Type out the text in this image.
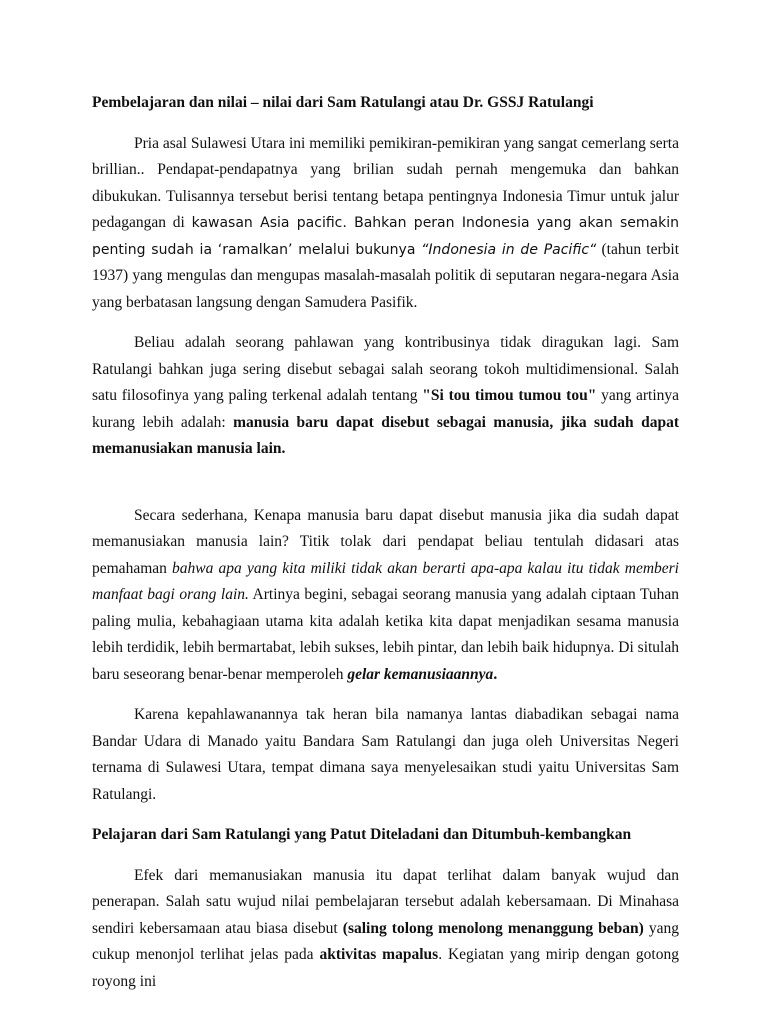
Pembelajaran dan nilai – nilai dari Sam Ratulangi atau Dr. GSSJ Ratulangi

Pria asal Sulawesi Utara ini memiliki pemikiran-pemikiran yang sangat cemerlang serta brillian.. Pendapat-pendapatnya yang brilian sudah pernah mengemuka dan bahkan dibukukan. Tulisannya tersebut berisi tentang betapa pentingnya Indonesia Timur untuk jalur pedagangan di kawasan Asia pacific. Bahkan peran Indonesia yang akan semakin penting sudah ia ‘ramalkan’ melalui bukunya “Indonesia in de Pacific“ (tahun terbit 1937) yang mengulas dan mengupas masalah-masalah politik di seputaran negara-negara Asia yang berbatasan langsung dengan Samudera Pasifik.

Beliau adalah seorang pahlawan yang kontribusinya tidak diragukan lagi. Sam Ratulangi bahkan juga sering disebut sebagai salah seorang tokoh multidimensional. Salah satu filosofinya yang paling terkenal adalah tentang "Si tou timou tumou tou" yang artinya kurang lebih adalah: manusia baru dapat disebut sebagai manusia, jika sudah dapat memanusiakan manusia lain.

Secara sederhana, Kenapa manusia baru dapat disebut manusia jika dia sudah dapat memanusiakan manusia lain? Titik tolak dari pendapat beliau tentulah didasari atas pemahaman bahwa apa yang kita miliki tidak akan berarti apa-apa kalau itu tidak memberi manfaat bagi orang lain. Artinya begini, sebagai seorang manusia yang adalah ciptaan Tuhan paling mulia, kebahagiaan utama kita adalah ketika kita dapat menjadikan sesama manusia lebih terdidik, lebih bermartabat, lebih sukses, lebih pintar, dan lebih baik hidupnya. Di situlah baru seseorang benar-benar memperoleh gelar kemanusiaannya.

Karena kepahlawanannya tak heran bila namanya lantas diabadikan sebagai nama Bandar Udara di Manado yaitu Bandara Sam Ratulangi dan juga oleh Universitas Negeri ternama di Sulawesi Utara, tempat dimana saya menyelesaikan studi yaitu Universitas Sam Ratulangi.

Pelajaran dari Sam Ratulangi yang Patut Diteladani dan Ditumbuh-kembangkan

Efek dari memanusiakan manusia itu dapat terlihat dalam banyak wujud dan penerapan. Salah satu wujud nilai pembelajaran tersebut adalah kebersamaan. Di Minahasa sendiri kebersamaan atau biasa disebut (saling tolong menolong menanggung beban) yang cukup menonjol terlihat jelas pada aktivitas mapalus. Kegiatan yang mirip dengan gotong royong ini
